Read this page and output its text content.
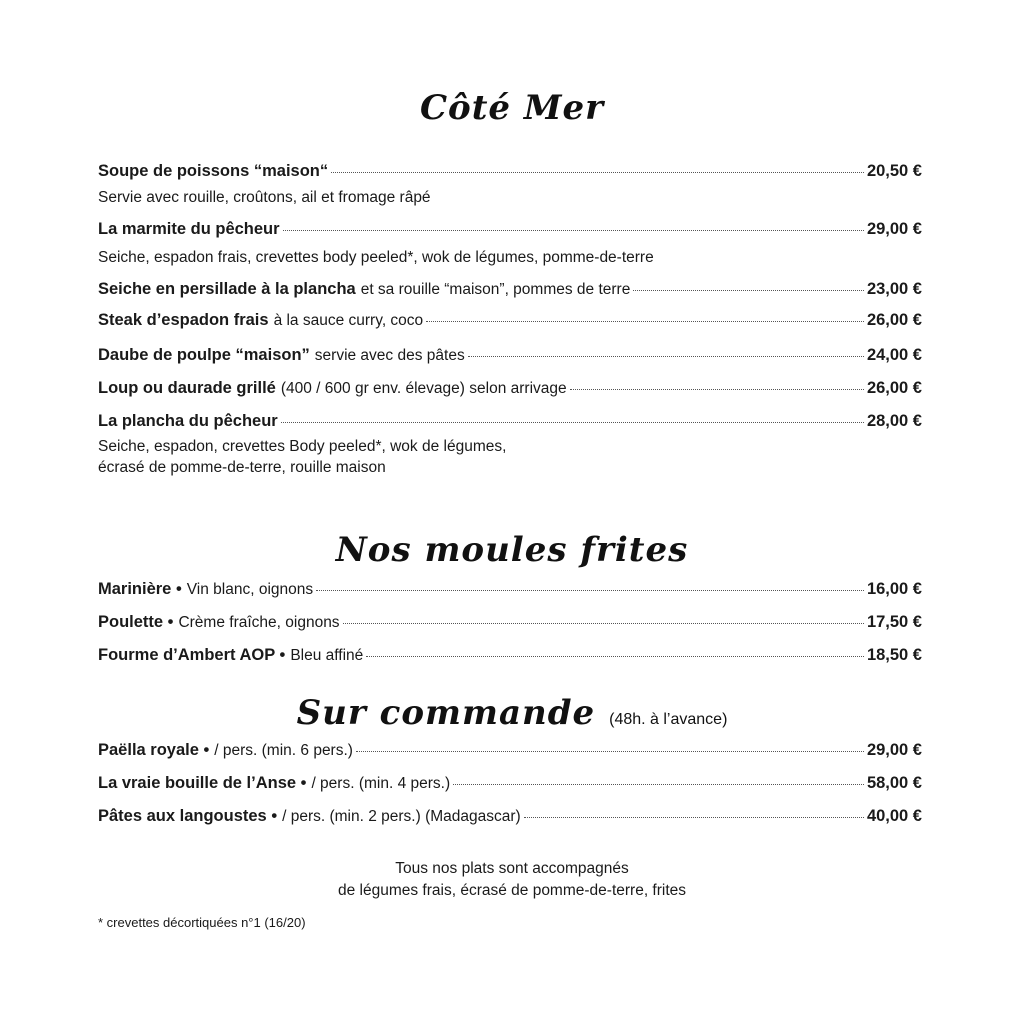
Côté Mer
Soupe de poissons “maison“	20,50 €
Servie avec rouille, croûtons, ail et fromage râpé
La marmite du pêcheur	29,00 €
Seiche, espadon frais, crevettes body peeled*, wok de légumes, pomme-de-terre
Seiche en persillade à la plancha et sa rouille “maison”, pommes de terre	23,00 €
Steak d’espadon frais à la sauce curry, coco	26,00 €
Daube de poulpe “maison” servie avec des pâtes	24,00 €
Loup ou daurade grillé (400 / 600 gr env. élevage) selon arrivage	26,00 €
La plancha du pêcheur	28,00 €
Seiche, espadon, crevettes Body peeled*, wok de légumes,
écrasé de pomme-de-terre, rouille maison
Nos moules frites
Marinière • Vin blanc, oignons	16,00 €
Poulette • Crème fraîche, oignons	17,50 €
Fourme d’Ambert AOP • Bleu affiné	18,50 €
Sur commande (48h. à l’avance)
Paëlla royale • / pers. (min. 6 pers.)	29,00 €
La vraie bouille de l’Anse • / pers. (min. 4 pers.)	58,00 €
Pâtes aux langoustes • / pers. (min. 2 pers.) (Madagascar)	40,00 €
Tous nos plats sont accompagnés
de légumes frais, écrasé de pomme-de-terre, frites
* crevettes décortiquées n°1 (16/20)
